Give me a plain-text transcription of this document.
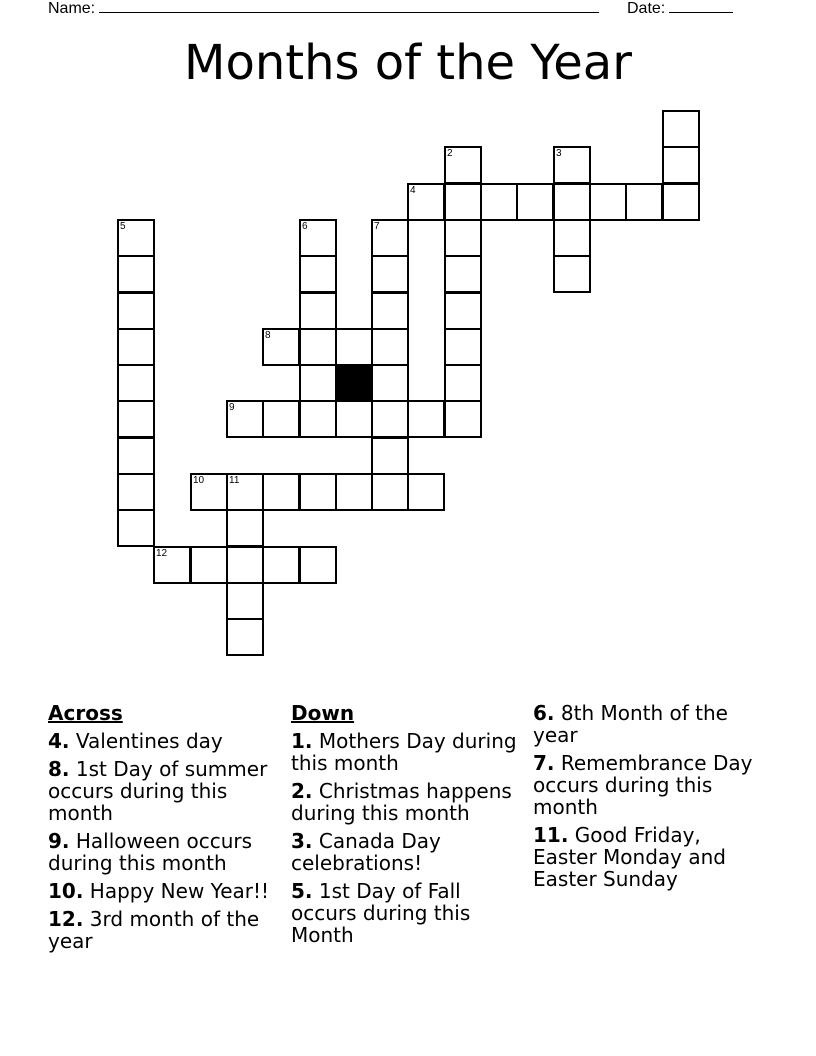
Name:	Date:
Months of the Year
4
8
9
10 11
12
2	3
5	6	7
Across
4. Valentines day
8. 1st Day of summer occurs during this month
9. Halloween occurs during this month
10. Happy New Year!!
12. 3rd month of the year
Down
1. Mothers Day during this month
2. Christmas happens during this month
3. Canada Day celebrations!
5. 1st Day of Fall occurs during this Month
6. 8th Month of the year
7. Remembrance Day occurs during this month
11. Good Friday, Easter Monday and Easter Sunday
